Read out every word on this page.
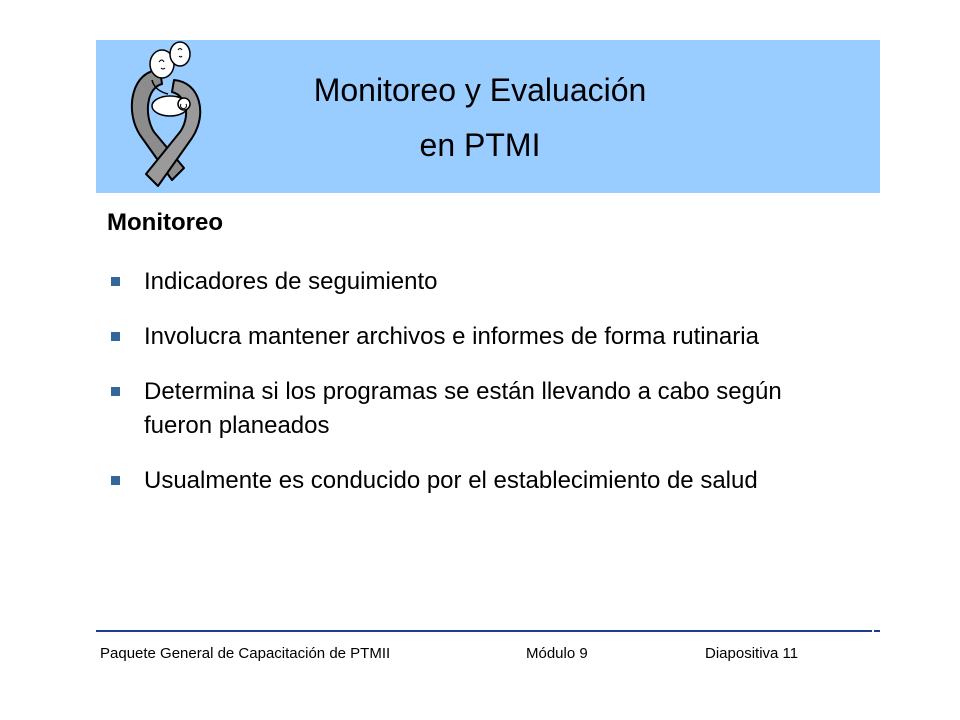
Monitoreo y Evaluación
en PTMI
Monitoreo
Indicadores de seguimiento
Involucra mantener archivos e informes de forma rutinaria
Determina si los programas se están llevando a cabo según fueron planeados
Usualmente es conducido por el establecimiento de salud
Paquete General de Capacitación de PTMII	Módulo 9	Diapositiva 11
